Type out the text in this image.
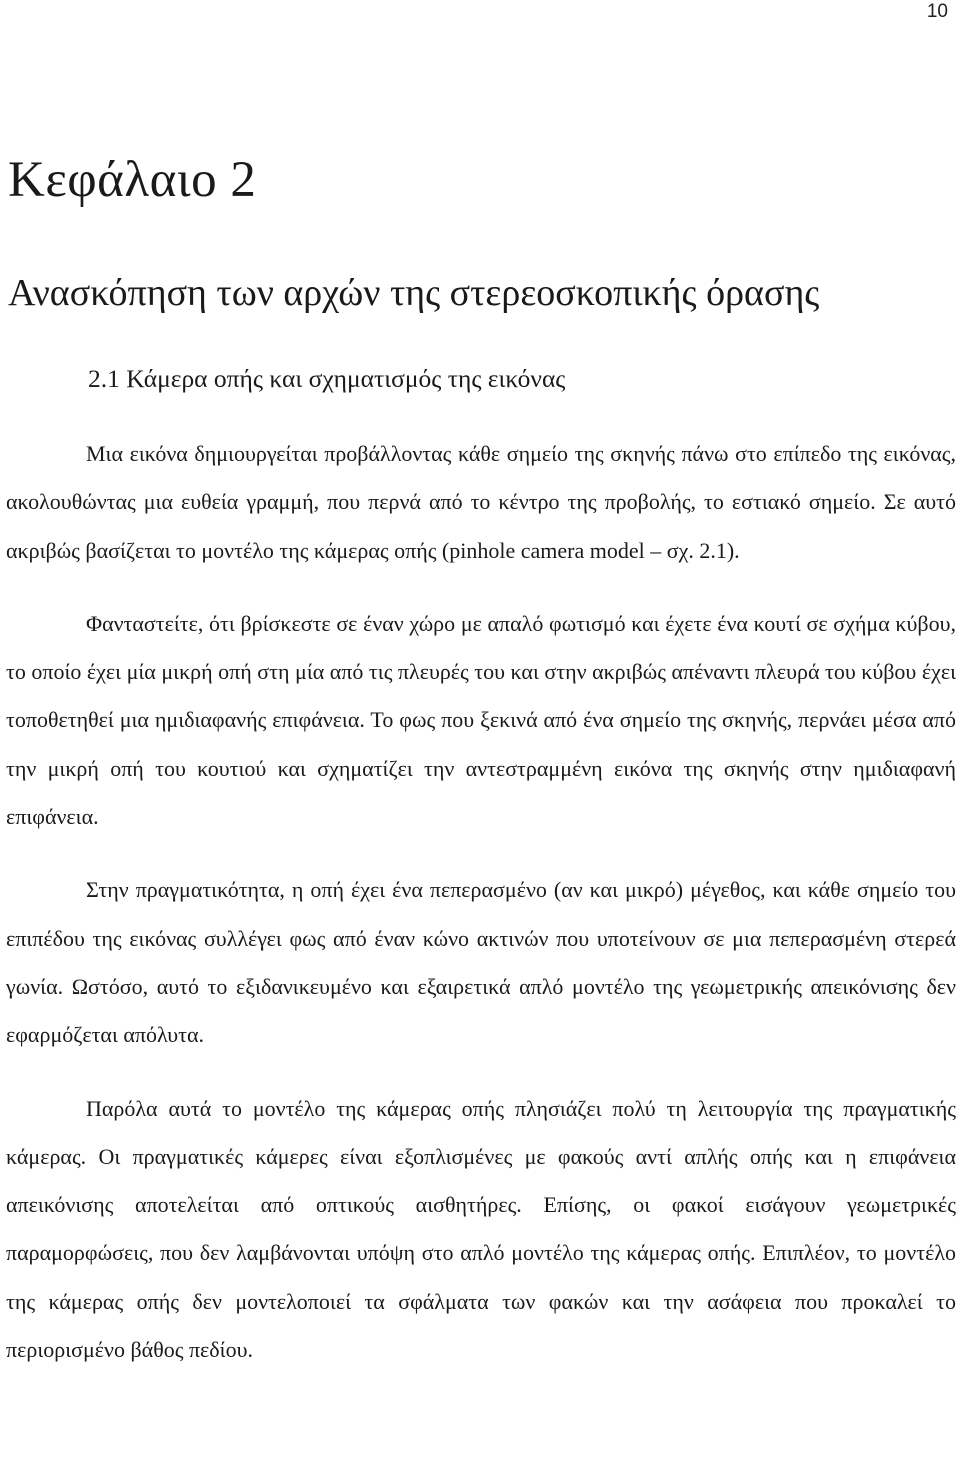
10
Κεφάλαιο 2
Ανασκόπηση των αρχών της στερεοσκοπικής όρασης
2.1 Κάμερα οπής και σχηματισμός της εικόνας

Μια εικόνα δημιουργείται προβάλλοντας κάθε σημείο της σκηνής πάνω στο επίπεδο της εικόνας, ακολουθώντας μια ευθεία γραμμή, που περνά από το κέντρο της προβολής, το εστιακό σημείο. Σε αυτό ακριβώς βασίζεται το μοντέλο της κάμερας οπής (pinhole camera model – σχ. 2.1).

Φανταστείτε, ότι βρίσκεστε σε έναν χώρο με απαλό φωτισμό και έχετε ένα κουτί σε σχήμα κύβου, το οποίο έχει μία μικρή οπή στη μία από τις πλευρές του και στην ακριβώς απέναντι πλευρά του κύβου έχει τοποθετηθεί μια ημιδιαφανής επιφάνεια. Το φως που ξεκινά από ένα σημείο της σκηνής, περνάει μέσα από την μικρή οπή του κουτιού και σχηματίζει την αντεστραμμένη εικόνα της σκηνής στην ημιδιαφανή επιφάνεια.

Στην πραγματικότητα, η οπή έχει ένα πεπερασμένο (αν και μικρό) μέγεθος, και κάθε σημείο του επιπέδου της εικόνας συλλέγει φως από έναν κώνο ακτινών που υποτείνουν σε μια πεπερασμένη στερεά γωνία. Ωστόσο, αυτό το εξιδανικευμένο και εξαιρετικά απλό μοντέλο της γεωμετρικής απεικόνισης δεν εφαρμόζεται απόλυτα.

Παρόλα αυτά το μοντέλο της κάμερας οπής πλησιάζει πολύ τη λειτουργία της πραγματικής κάμερας. Οι πραγματικές κάμερες είναι εξοπλισμένες με φακούς αντί απλής οπής και η επιφάνεια απεικόνισης αποτελείται από οπτικούς αισθητήρες. Επίσης, οι φακοί εισάγουν γεωμετρικές παραμορφώσεις, που δεν λαμβάνονται υπόψη στο απλό μοντέλο της κάμερας οπής. Επιπλέον, το μοντέλο της κάμερας οπής δεν μοντελοποιεί τα σφάλματα των φακών και την ασάφεια που προκαλεί το περιορισμένο βάθος πεδίου.
